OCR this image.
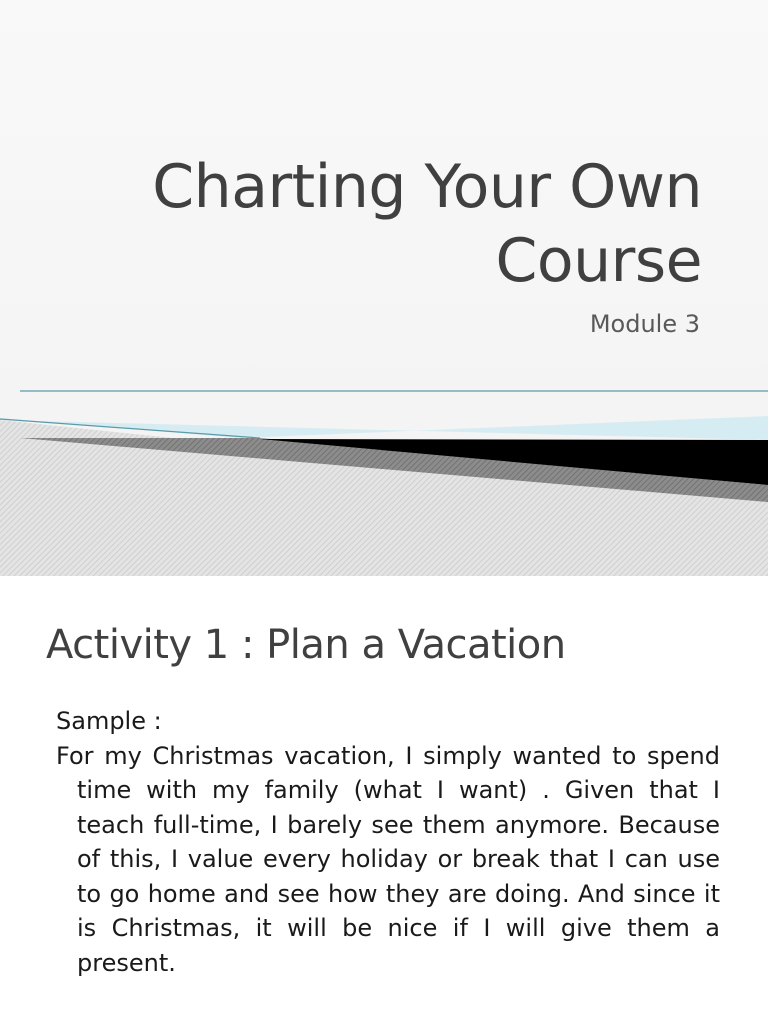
Charting Your Own
Course
Module 3
Activity 1 : Plan a Vacation
Sample :
For my Christmas vacation, I simply wanted to spend time with my family (what I want) . Given that I teach full-time, I barely see them anymore. Because of this, I value every holiday or break that I can use to go home and see how they are doing. And since it is Christmas, it will be nice if I will give them a present.
